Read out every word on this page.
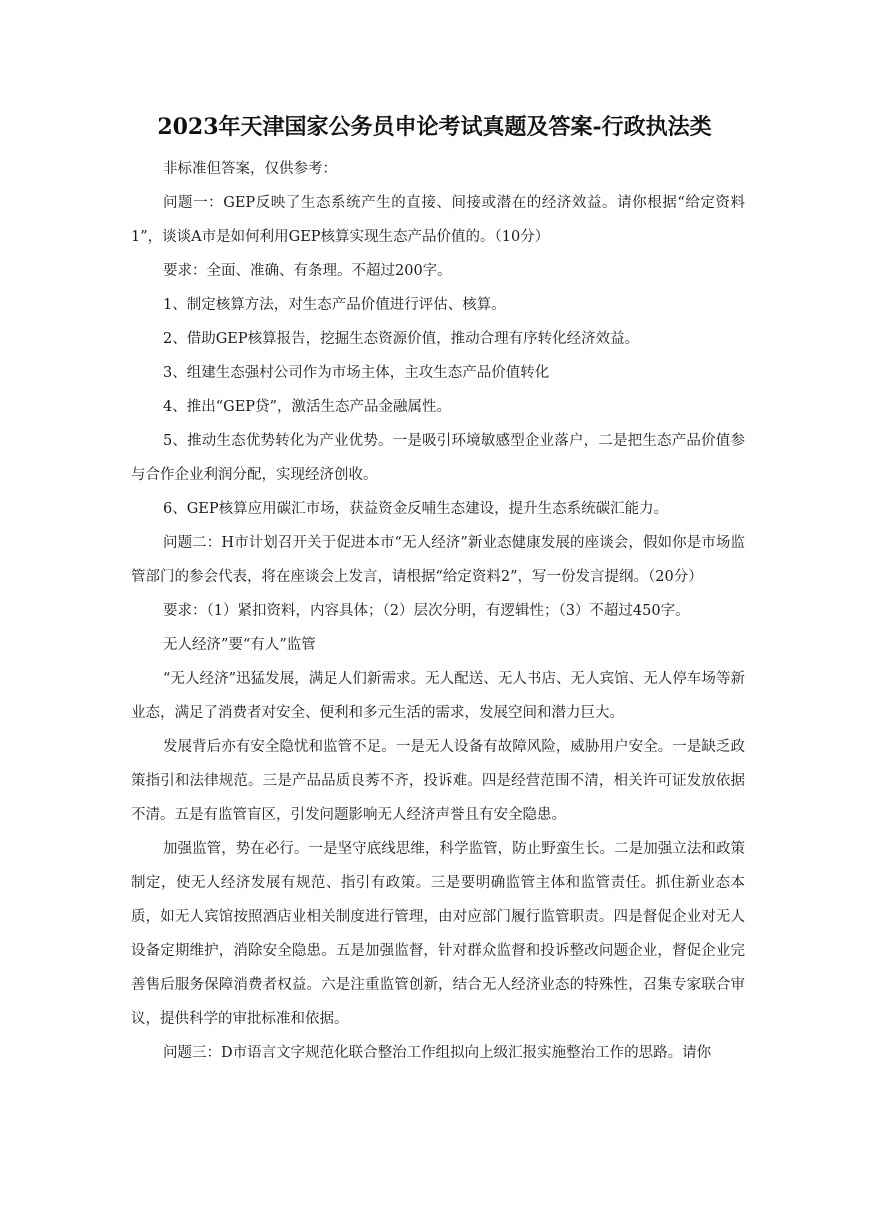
2023年天津国家公务员申论考试真题及答案-行政执法类

非标准但答案，仅供参考：

问题一：GEP反映了生态系统产生的直接、间接或潜在的经济效益。请你根据“给定资料1”，谈谈A市是如何利用GEP核算实现生态产品价值的。（10分）

要求：全面、准确、有条理。不超过200字。

1、制定核算方法，对生态产品价值进行评估、核算。

2、借助GEP核算报告，挖掘生态资源价值，推动合理有序转化经济效益。

3、组建生态强村公司作为市场主体，主攻生态产品价值转化

4、推出“GEP贷”，激活生态产品金融属性。

5、推动生态优势转化为产业优势。一是吸引环境敏感型企业落户，二是把生态产品价值参与合作企业利润分配，实现经济创收。

6、GEP核算应用碳汇市场，获益资金反哺生态建设，提升生态系统碳汇能力。

问题二：H市计划召开关于促进本市“无人经济”新业态健康发展的座谈会，假如你是市场监管部门的参会代表，将在座谈会上发言，请根据“给定资料2”，写一份发言提纲。（20分）

要求：（1）紧扣资料，内容具体；（2）层次分明，有逻辑性；（3）不超过450字。

无人经济”要“有人”监管

“无人经济”迅猛发展，满足人们新需求。无人配送、无人书店、无人宾馆、无人停车场等新业态，满足了消费者对安全、便利和多元生活的需求，发展空间和潜力巨大。

发展背后亦有安全隐忧和监管不足。一是无人设备有故障风险，威胁用户安全。一是缺乏政策指引和法律规范。三是产品品质良莠不齐，投诉难。四是经营范围不清，相关许可证发放依据不清。五是有监管盲区，引发问题影响无人经济声誉且有安全隐患。

加强监管，势在必行。一是坚守底线思维，科学监管，防止野蛮生长。二是加强立法和政策制定，使无人经济发展有规范、指引有政策。三是要明确监管主体和监管责任。抓住新业态本质，如无人宾馆按照酒店业相关制度进行管理，由对应部门履行监管职责。四是督促企业对无人设备定期维护，消除安全隐患。五是加强监督，针对群众监督和投诉整改问题企业，督促企业完善售后服务保障消费者权益。六是注重监管创新，结合无人经济业态的特殊性，召集专家联合审议，提供科学的审批标准和依据。

问题三：D市语言文字规范化联合整治工作组拟向上级汇报实施整治工作的思路。请你
